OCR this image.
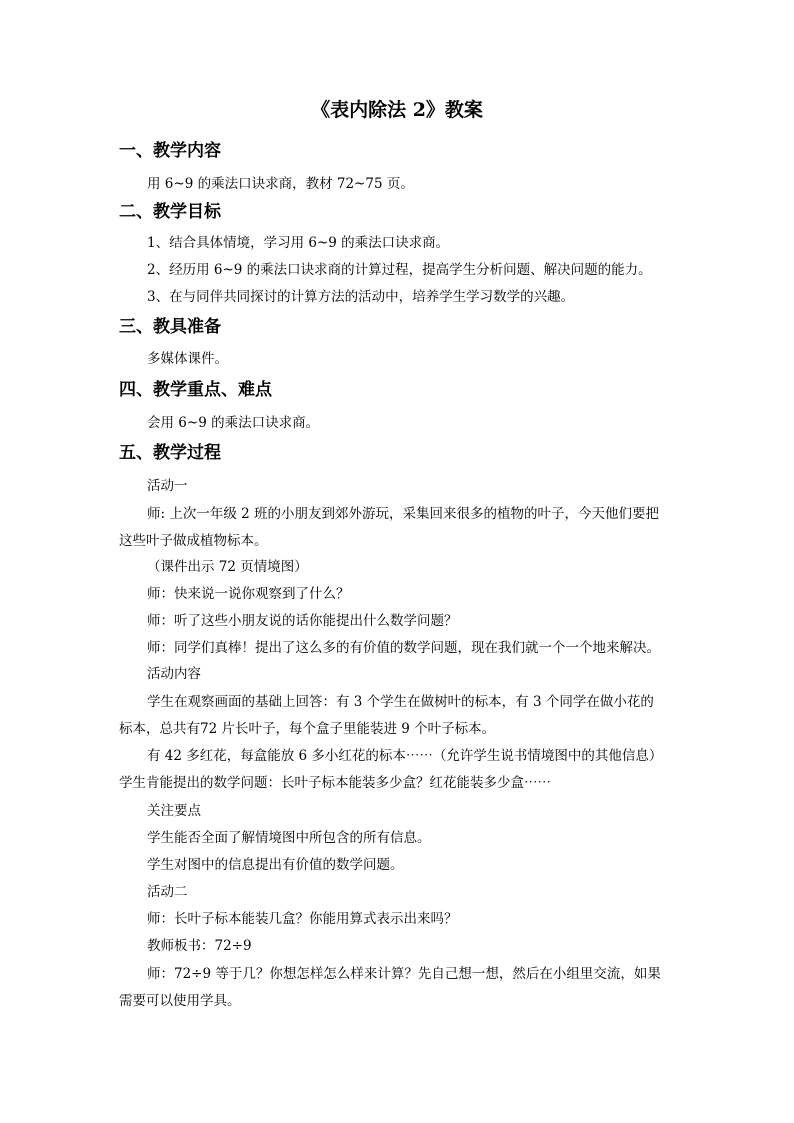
《表内除法 2》教案
一、教学内容
用 6~9 的乘法口诀求商，教材 72~75 页。
二、教学目标
1、结合具体情境，学习用 6~9 的乘法口诀求商。
2、经历用 6~9 的乘法口诀求商的计算过程，提高学生分析问题、解决问题的能力。
3、在与同伴共同探讨的计算方法的活动中，培养学生学习数学的兴趣。
三、教具准备
多媒体课件。
四、教学重点、难点
会用 6~9 的乘法口诀求商。
五、教学过程
活动一
师: 上次一年级 2 班的小朋友到郊外游玩，采集回来很多的植物的叶子，今天他们要把
这些叶子做成植物标本。
（课件出示 72 页情境图）
师：快来说一说你观察到了什么？
师：听了这些小朋友说的话你能提出什么数学问题？
师：同学们真棒！提出了这么多的有价值的数学问题，现在我们就一个一个地来解决。
活动内容
学生在观察画面的基础上回答：有 3 个学生在做树叶的标本，有 3 个同学在做小花的
标本，总共有72 片长叶子，每个盒子里能装进 9 个叶子标本。
有 42 多红花，每盒能放 6 多小红花的标本⋯⋯（允许学生说书情境图中的其他信息）
学生肯能提出的数学问题：长叶子标本能装多少盒？红花能装多少盒⋯⋯
关注要点
学生能否全面了解情境图中所包含的所有信息。
学生对图中的信息提出有价值的数学问题。
活动二
师：长叶子标本能装几盒？你能用算式表示出来吗？
教师板书：72÷9
师：72÷9 等于几？你想怎样怎么样来计算？先自己想一想，然后在小组里交流，如果
需要可以使用学具。
